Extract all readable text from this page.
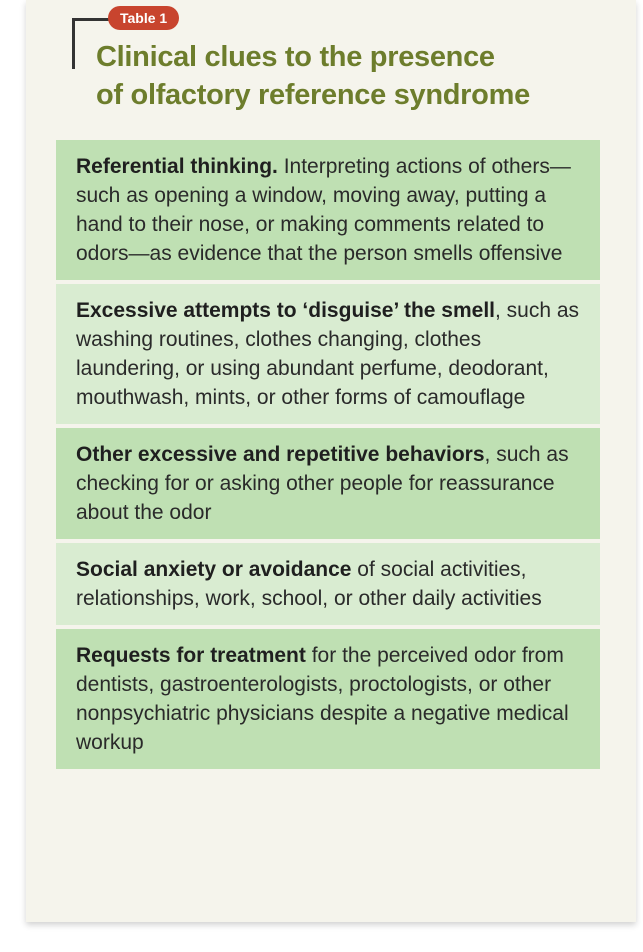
Table 1
Clinical clues to the presence
of olfactory reference syndrome
Referential thinking. Interpreting actions of others—such as opening a window, moving away, putting a hand to their nose, or making comments related to odors—as evidence that the person smells offensive
Excessive attempts to ‘disguise’ the smell, such as washing routines, clothes changing, clothes laundering, or using abundant perfume, deodorant, mouthwash, mints, or other forms of camouflage
Other excessive and repetitive behaviors, such as checking for or asking other people for reassurance about the odor
Social anxiety or avoidance of social activities, relationships, work, school, or other daily activities
Requests for treatment for the perceived odor from dentists, gastroenterologists, proctologists, or other nonpsychiatric physicians despite a negative medical workup
